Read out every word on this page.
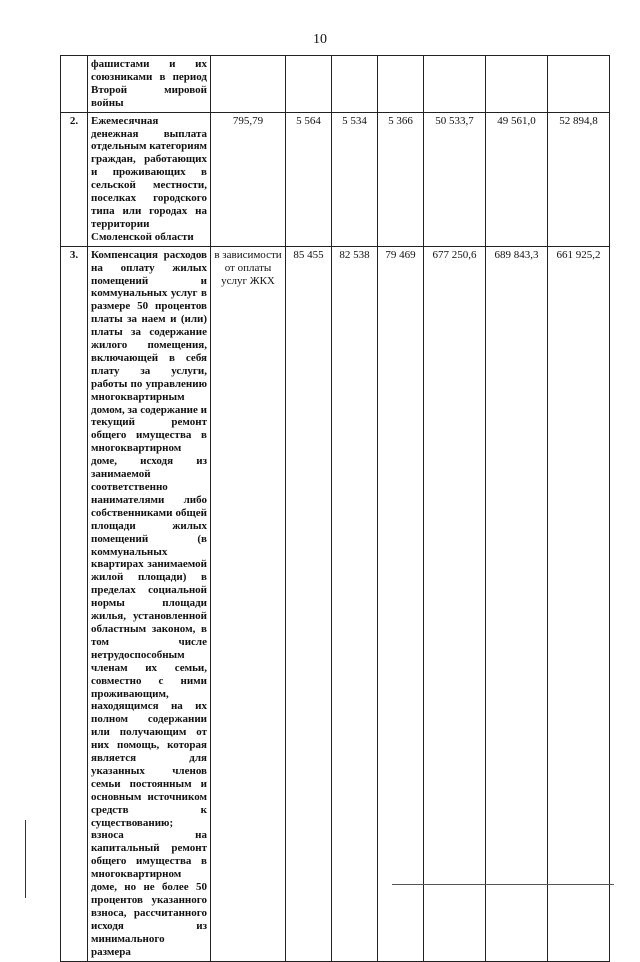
10
	фашистами и их союзниками в период Второй мировой войны							
2.	Ежемесячная денежная выплата отдельным категориям граждан, работающих и проживающих в сельской местности, поселках городского типа или городах на территории Смоленской области	795,79	5 564	5 534	5 366	50 533,7	49 561,0	52 894,8
3.	Компенсация расходов на оплату жилых помещений и коммунальных услуг в размере 50 процентов платы за наем и (или) платы за содержание жилого помещения, включающей в себя плату за услуги, работы по управлению многоквартирным домом, за содержание и текущий ремонт общего имущества в многоквартирном доме, исходя из занимаемой соответственно нанимателями либо собственниками общей площади жилых помещений (в коммунальных квартирах занимаемой жилой площади) в пределах социальной нормы площади жилья, установленной областным законом, в том числе нетрудоспособным членам их семьи, совместно с ними проживающим, находящимся на их полном содержании или получающим от них помощь, которая является для указанных членов семьи постоянным и основным источником средств к существованию; взноса на капитальный ремонт общего имущества в многоквартирном доме, но не более 50 процентов указанного взноса, рассчитанного исходя из минимального размера	в зависимости от оплаты услуг ЖКХ	85 455	82 538	79 469	677 250,6	689 843,3	661 925,2
